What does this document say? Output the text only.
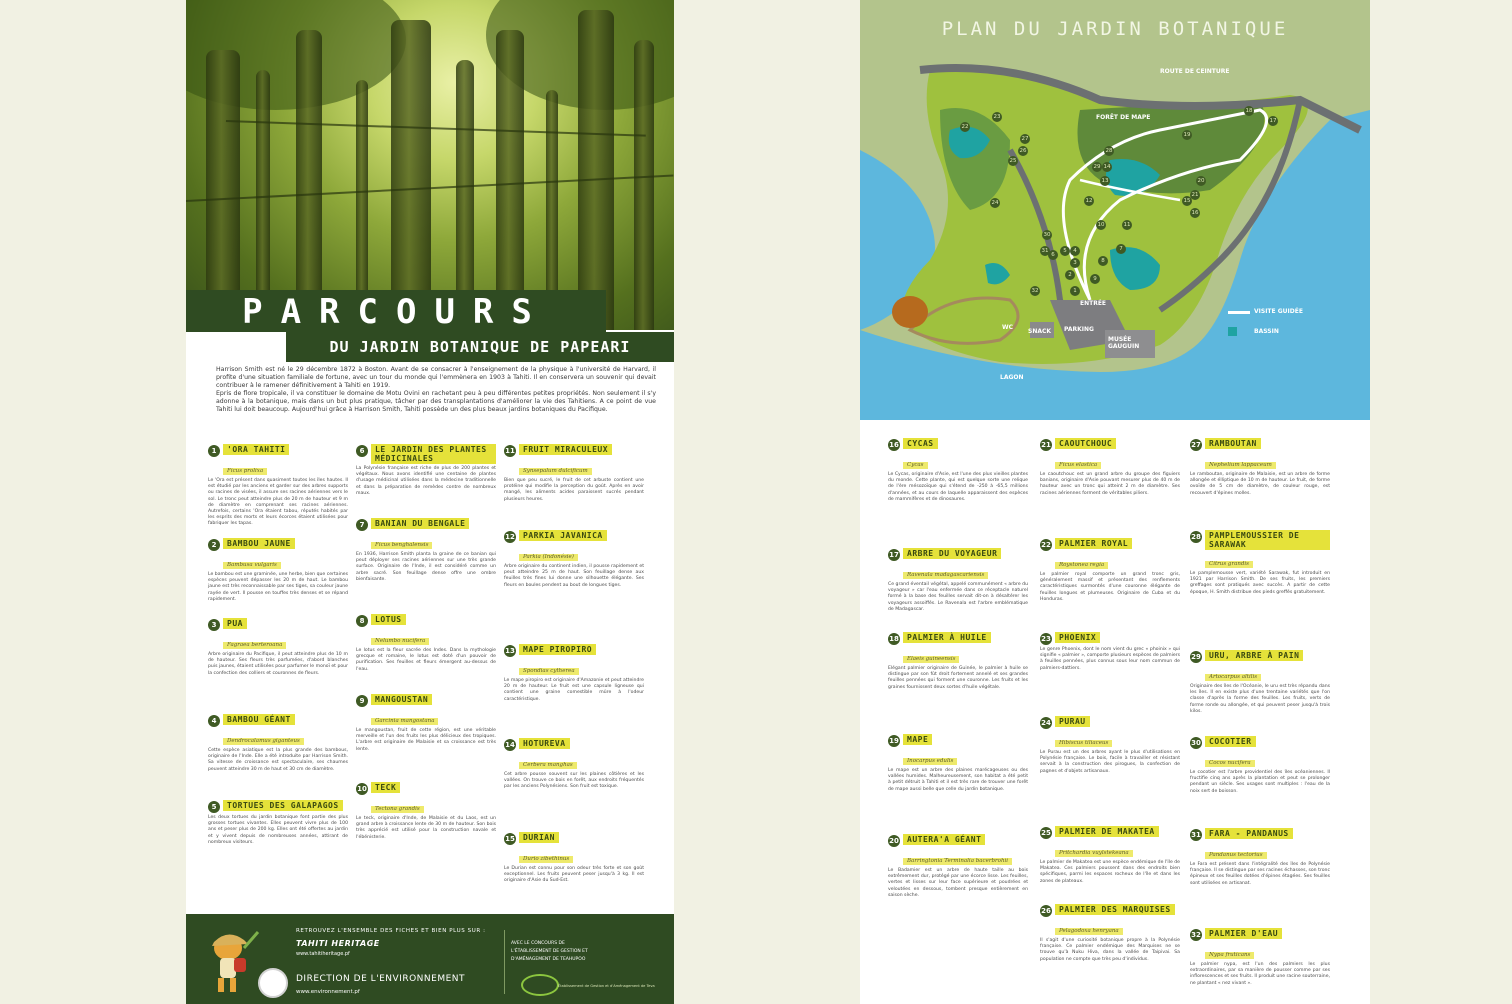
PARCOURS
DU JARDIN BOTANIQUE DE PAPEARI
Harrison Smith est né le 29 décembre 1872 à Boston. Avant de se consacrer à l'enseignement de la physique à l'université de Harvard, il profite d'une situation familiale de fortune, avec un tour du monde qui l'emmènera en 1903 à Tahiti. Il en conservera un souvenir qui devait contribuer à le ramener définitivement à Tahiti en 1919.
Epris de flore tropicale, il va constituer le domaine de Motu Ovini en rachetant peu à peu différentes petites propriétés. Non seulement il s'y adonne à la botanique, mais dans un but plus pratique, tâcher par des transplantations d'améliorer la vie des Tahitiens. A ce point de vue Tahiti lui doit beaucoup. Aujourd'hui grâce à Harrison Smith, Tahiti possède un des plus beaux jardins botaniques du Pacifique.
1	'ORA TAHITI
Ficus prolixa
Le 'Ora est présent dans quasiment toutes les îles hautes. Il est étudié par les anciens et garder sur des arbres supports ou racines de visées, il assure ses racines aériennes vers le sol. Le tronc peut atteindre plus de 20 m de hauteur et 9 m de diamètre en comprenant ses racines aériennes. Autrefois, certains 'Ora étaient tabou, réputés habités par les esprits des morts et leurs écorces étaient utilisées pour fabriquer les tapas.
2	BAMBOU JAUNE
Bambusa vulgaris
Le bambou est une graminée, une herbe, bien que certaines espèces peuvent dépasser les 20 m de haut. Le bambou jaune est très reconnaissable par ses tiges, sa couleur jaune rayée de vert. Il pousse en touffes très denses et se répand rapidement.
3	PUA
Fagraea berteroana
Arbre originaire du Pacifique, il peut atteindre plus de 10 m de hauteur. Ses fleurs très parfumées, d'abord blanches puis jaunes, étaient utilisées pour parfumer le monoï et pour la confection des colliers et couronnes de fleurs.
4	BAMBOU GÉANT
Dendrocalamus giganteus
Cette espèce asiatique est la plus grande des bambous, originaire de l'Inde. Elle a été introduite par Harrison Smith. Sa vitesse de croissance est spectaculaire, ses chaumes peuvent atteindre 30 m de haut et 30 cm de diamètre.
5	TORTUES DES GALAPAGOS
Les deux tortues du jardin botanique font partie des plus grosses tortues vivantes. Elles peuvent vivre plus de 100 ans et peser plus de 200 kg. Elles ont été offertes au jardin et y vivent depuis de nombreuses années, attirant de nombreux visiteurs.
6	LE JARDIN DES PLANTES MÉDICINALES
La Polynésie française est riche de plus de 200 plantes et végétaux. Nous avons identifié une centaine de plantes d'usage médicinal utilisées dans la médecine traditionnelle et dans la préparation de remèdes contre de nombreux maux.
7	BANIAN DU BENGALE
Ficus benghalensis
En 1936, Harrison Smith planta la graine de ce banian qui peut déployer ses racines aériennes sur une très grande surface. Originaire de l'Inde, il est considéré comme un arbre sacré. Son feuillage dense offre une ombre bienfaisante.
8	LOTUS
Nelumbo nucifera
Le lotus est la fleur sacrée des Indes. Dans la mythologie grecque et romaine, le lotus est doté d'un pouvoir de purification. Ses feuilles et fleurs émergent au-dessus de l'eau.
9	MANGOUSTAN
Garcinia mangostana
Le mangoustan, fruit de cette région, est une véritable merveille et l'un des fruits les plus délicieux des tropiques. L'arbre est originaire de Malaisie et sa croissance est très lente.
10	TECK
Tectona grandis
Le teck, originaire d'Inde, de Malaisie et du Laos, est un grand arbre à croissance lente de 30 m de hauteur. Son bois très apprécié est utilisé pour la construction navale et l'ébénisterie.
11	FRUIT MIRACULEUX
Synsepalum dulcificum
Bien que peu sucré, le fruit de cet arbuste contient une protéine qui modifie la perception du goût. Après en avoir mangé, les aliments acides paraissent sucrés pendant plusieurs heures.
12	PARKIA JAVANICA
Parkia (Indonésie)
Arbre originaire du continent indien, il pousse rapidement et peut atteindre 25 m de haut. Son feuillage dense aux feuilles très fines lui donne une silhouette élégante. Ses fleurs en boules pendent au bout de longues tiges.
13	MAPE PIROPIRO
Spondias cytherea
Le mape piropiro est originaire d'Amazonie et peut atteindre 20 m de hauteur. Le fruit est une capsule ligneuse qui contient une graine comestible mûre à l'odeur caractéristique.
14	HOTUREVA
Cerbera manghas
Cet arbre pousse souvent sur les plaines côtières et les vallées. On trouve ce bois en forêt, aux endroits fréquentés par les anciens Polynésiens. Son fruit est toxique.
15	DURIAN
Durio zibethinus
Le Durian est connu pour son odeur très forte et son goût exceptionnel. Les fruits peuvent peser jusqu'à 3 kg. Il est originaire d'Asie du Sud-Est.
RETROUVEZ L'ENSEMBLE DES FICHES ET BIEN PLUS SUR :
TAHITI HERITAGE
www.tahitiheritage.pf
DIRECTION DE L'ENVIRONNEMENT
www.environnement.pf
AVEC LE CONCOURS DE L'ÉTABLISSEMENT DE GESTION ET D'AMÉNAGEMENT DE TEAHUPOO
Établissement de Gestion et d'Aménagement de Teva
PLAN DU JARDIN BOTANIQUE
ROUTE DE CEINTURE
FORÊT DE MAPE
ENTRÉE
WC
SNACK PARKING
MUSÉE GAUGUIN
LAGON
VISITE GUIDÉE
BASSIN
1
2
3
4
5
6
7
8
9
10	11
12
13
14
15
16
17
18
19
20
21
22
23
24
25
26
27
28
29
30
31
32
16	CYCAS
Cycas
Le Cycas, originaire d'Asie, est l'une des plus vieilles plantes du monde. Cette plante, qui est quelque sorte une relique de l'ère mésozoïque qui s'étend de -250 à -65,5 millions d'années, et au cours de laquelle apparaissent des espèces de mammifères et de dinosaures.
17	ARBRE DU VOYAGEUR
Ravenala madagascariensis
Ce grand éventail végétal, appelé communément « arbre du voyageur » car l'eau enfermée dans ce réceptacle naturel formé à la base des feuilles servait dit-on à désaltérer les voyageurs assoiffés. Le Ravenala est l'arbre emblématique de Madagascar.
18	PALMIER À HUILE
Elaeis guineensis
Elégant palmier originaire de Guinée, le palmier à huile se distingue par son fût droit fortement annelé et ses grandes feuilles pennées qui forment une couronne. Les fruits et les graines fournissent deux sortes d'huile végétale.
19	MAPE
Inocarpus edulis
Le mape est un arbre des plaines marécageuses ou des vallées humides. Malheureusement, son habitat a été petit à petit détruit à Tahiti et il est très rare de trouver une forêt de mape aussi belle que celle du jardin botanique.
20	AUTERA'A GÉANT
Barringtonia Terminalia bacerbrohii
Le Badamier est un arbre de haute taille au bois extrêmement dur, protégé par une écorce lisse. Les feuilles, vertes et lisses sur leur face supérieure et poudrées et veloutées en dessous, tombent presque entièrement en saison sèche.
21	CAOUTCHOUC
Ficus elastica
Le caoutchouc est un grand arbre du groupe des figuiers banians, originaire d'Asie pouvant mesurer plus de 40 m de hauteur avec un tronc qui atteint 2 m de diamètre. Ses racines aériennes forment de véritables piliers.
22	PALMIER ROYAL
Roystonea regia
Le palmier royal comporte un grand tronc gris, généralement massif et présentant des renflements caractéristiques surmontés d'une couronne élégante de feuilles longues et plumeuses. Originaire de Cuba et du Honduras.
23	PHOENIX
Le genre Phoenix, dont le nom vient du grec « phoinix » qui signifie « palmier », comporte plusieurs espèces de palmiers à feuilles pennées, plus connus sous leur nom commun de palmiers-dattiers.
24	PURAU
Hibiscus tiliaceus
Le Purau est un des arbres ayant le plus d'utilisations en Polynésie française. Le bois, facile à travailler et résistant servait à la construction des pirogues, la confection de pagnes et d'objets artisanaux.
25	PALMIER DE MAKATEA
Pritchardia vuylstekeana
Le palmier de Makatea est une espèce endémique de l'île de Makatea. Ces palmiers poussent dans des endroits bien spécifiques, parmi les espaces rocheux de l'île et dans les zones de plateaux.
26	PALMIER DES MARQUISES
Pelagodoxa henryana
Il s'agit d'une curiosité botanique propre à la Polynésie française. Ce palmier endémique des Marquises ne se trouve qu'à Nuku Hiva, dans la vallée de Taipivai. Sa population ne compte que très peu d'individus.
27	RAMBOUTAN
Nephelium lappaceum
Le ramboutan, originaire de Malaisie, est un arbre de forme allongée et élliptique de 10 m de hauteur. Le fruit, de forme ovoïde de 5 cm de diamètre, de couleur rouge, est recouvert d'épines molles.
28	PAMPLEMOUSSIER DE SARAWAK
Citrus grandis
Le pamplemousse vert, variété Sarawak, fut introduit en 1921 par Harrison Smith. De ses fruits, les premiers greffages sont pratiqués avec succès. A partir de cette époque, H. Smith distribue des pieds greffés gratuitement.
29	URU, ARBRE À PAIN
Artocarpus altilis
Originaire des îles de l'Océanie, le uru est très répandu dans les îles. Il en existe plus d'une trentaine variétés que l'on classe d'après la forme des feuilles. Les fruits, verts de forme ronde ou allongée, et qui peuvent peser jusqu'à trois kilos.
30	COCOTIER
Cocos nucifera
Le cocotier est l'arbre providentiel des îles océaniennes. Il fructifie cinq ans après la plantation et peut se prolonger pendant un siècle. Ses usages sont multiples : l'eau de la noix sert de boisson.
31	FARA - PANDANUS
Pandanus tectorius
Le Fara est présent dans l'intégralité des îles de Polynésie française. Il se distingue par ses racines échasses, son tronc épineux et ses feuilles dotées d'épines étagées. Ses feuilles sont utilisées en artisanat.
32	PALMIER D'EAU
Nypa fruticans
Le palmier nypa, est l'un des palmiers les plus extraordinaires, par sa manière de pousser comme par ses inflorescences et ses fruits. Il produit une racine souterraine, ne plantant « nez vivant ».
